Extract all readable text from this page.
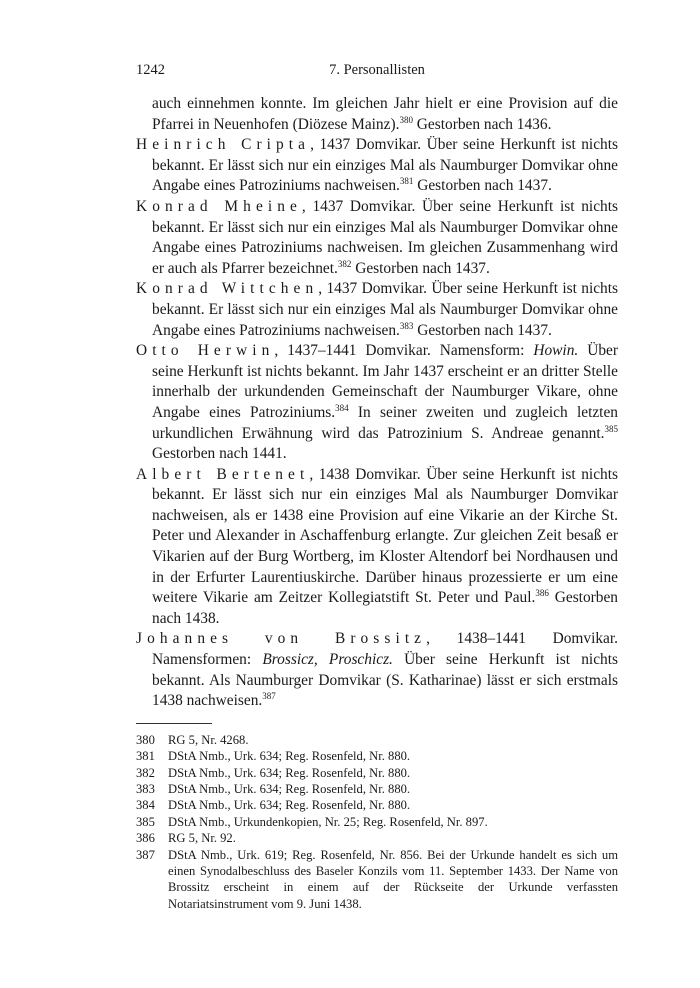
1242	7. Personallisten

auch einnehmen konnte. Im gleichen Jahr hielt er eine Provision auf die Pfarrei in Neuenhofen (Diözese Mainz).$^{380}$ Gestorben nach 1436.

Heinrich Cripta, 1437 Domvikar. Über seine Herkunft ist nichts bekannt. Er lässt sich nur ein einziges Mal als Naumburger Domvikar ohne Angabe eines Patroziniums nachweisen.$^{381}$ Gestorben nach 1437.

Konrad Mheine, 1437 Domvikar. Über seine Herkunft ist nichts bekannt. Er lässt sich nur ein einziges Mal als Naumburger Domvikar ohne Angabe eines Patroziniums nachweisen. Im gleichen Zusammenhang wird er auch als Pfarrer bezeichnet.$^{382}$ Gestorben nach 1437.

Konrad Wittchen, 1437 Domvikar. Über seine Herkunft ist nichts bekannt. Er lässt sich nur ein einziges Mal als Naumburger Domvikar ohne Angabe eines Patroziniums nachweisen.$^{383}$ Gestorben nach 1437.

Otto Herwin, 1437–1441 Domvikar. Namensform: Howin. Über seine Herkunft ist nichts bekannt. Im Jahr 1437 erscheint er an dritter Stelle innerhalb der urkundenden Gemeinschaft der Naumburger Vikare, ohne Angabe eines Patroziniums.$^{384}$ In seiner zweiten und zugleich letzten urkundlichen Erwähnung wird das Patrozinium S. Andreae genannt.$^{385}$ Gestorben nach 1441.

Albert Bertenet, 1438 Domvikar. Über seine Herkunft ist nichts bekannt. Er lässt sich nur ein einziges Mal als Naumburger Domvikar nachweisen, als er 1438 eine Provision auf eine Vikarie an der Kirche St. Peter und Alexander in Aschaffenburg erlangte. Zur gleichen Zeit besaß er Vikarien auf der Burg Wortberg, im Kloster Altendorf bei Nordhausen und in der Erfurter Laurentiuskirche. Darüber hinaus prozessierte er um eine weitere Vikarie am Zeitzer Kollegiatstift St. Peter und Paul.$^{386}$ Gestorben nach 1438.

Johannes von Brossitz, 1438–1441 Domvikar. Namensformen: Brossicz, Proschicz. Über seine Herkunft ist nichts bekannt. Als Naumburger Domvikar (S. Katharinae) lässt er sich erstmals 1438 nachweisen.$^{387}$

380	RG 5, Nr. 4268.
381	DStA Nmb., Urk. 634; Reg. Rosenfeld, Nr. 880.
382	DStA Nmb., Urk. 634; Reg. Rosenfeld, Nr. 880.
383	DStA Nmb., Urk. 634; Reg. Rosenfeld, Nr. 880.
384	DStA Nmb., Urk. 634; Reg. Rosenfeld, Nr. 880.
385	DStA Nmb., Urkundenkopien, Nr. 25; Reg. Rosenfeld, Nr. 897.
386	RG 5, Nr. 92.
387	DStA Nmb., Urk. 619; Reg. Rosenfeld, Nr. 856. Bei der Urkunde handelt es sich um einen Synodalbeschluss des Baseler Konzils vom 11. September 1433. Der Name von Brossitz erscheint in einem auf der Rückseite der Urkunde verfassten Notariatsinstrument vom 9. Juni 1438.
